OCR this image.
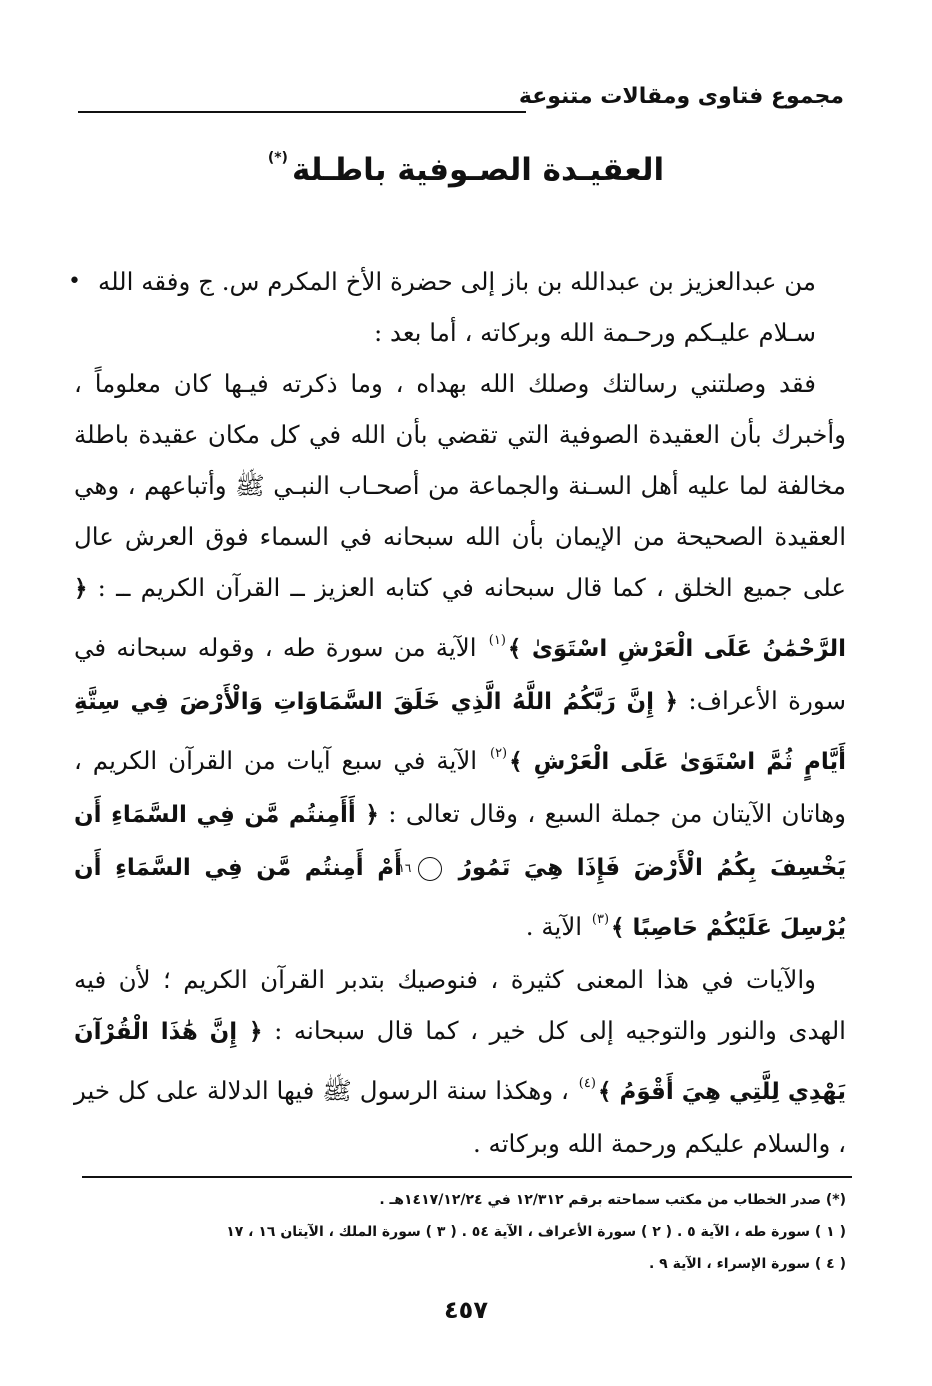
مجموع فتاوى ومقالات متنوعة
العقيـدة الصـوفية باطـلة(*)
• من عبدالعزيز بن عبدالله بن باز إلى حضرة الأخ المكرم س. ج وفقه الله

سـلام عليـكم ورحـمة الله وبركاته ، أما بعد :

فقد وصلتني رسالتك وصلك الله بهداه ، وما ذكرته فيـها كان معلوماً ، وأخبرك بأن العقيدة الصوفية التي تقضي بأن الله في كل مكان عقيدة باطلة مخالفة لما عليه أهل السـنة والجماعة من أصحـاب النبـي ﷺ وأتباعهم ، وهي العقيدة الصحيحة من الإيمان بأن الله سبحانه في السماء فوق العرش عال على جميع الخلق ، كما قال سبحانه في كتابه العزيز ــ القرآن الكريم ــ : ﴿ الرَّحْمَٰنُ عَلَى الْعَرْشِ اسْتَوَىٰ ﴾$^{(١)}$ الآية من سورة طه ، وقوله سبحانه في سورة الأعراف: ﴿ إِنَّ رَبَّكُمُ اللَّهُ الَّذِي خَلَقَ السَّمَاوَاتِ وَالْأَرْضَ فِي سِتَّةِ أَيَّامٍ ثُمَّ اسْتَوَىٰ عَلَى الْعَرْشِ ﴾$^{(٢)}$ الآية في سبع آيات من القرآن الكريم ، وهاتان الآيتان من جملة السبع ، وقال تعالى : ﴿ أَأَمِنتُم مَّن فِي السَّمَاءِ أَن يَخْسِفَ بِكُمُ الْأَرْضَ فَإِذَا هِيَ تَمُورُ ١٦ أَمْ أَمِنتُم مَّن فِي السَّمَاءِ أَن يُرْسِلَ عَلَيْكُمْ حَاصِبًا ﴾$^{(٣)}$ الآية .

والآيات في هذا المعنى كثيرة ، فنوصيك بتدبر القرآن الكريم ؛ لأن فيه الهدى والنور والتوجيه إلى كل خير ، كما قال سبحانه : ﴿ إِنَّ هَٰذَا الْقُرْآنَ يَهْدِي لِلَّتِي هِيَ أَقْوَمُ ﴾$^{(٤)}$ ، وهكذا سنة الرسول ﷺ فيها الدلالة على كل خير ، والسلام عليكم ورحمة الله وبركاته .

(*) صدر الخطاب من مكتب سماحته برقم ١٢/٣١٢ في ١٤١٧/١٢/٢٤هـ .

( ١ ) سورة طه ، الآية ٥ . ( ٢ ) سورة الأعراف ، الآية ٥٤ . ( ٣ ) سورة الملك ، الآيتان ١٦ ، ١٧

( ٤ ) سورة الإسراء ، الآية ٩ .

٤٥٧
